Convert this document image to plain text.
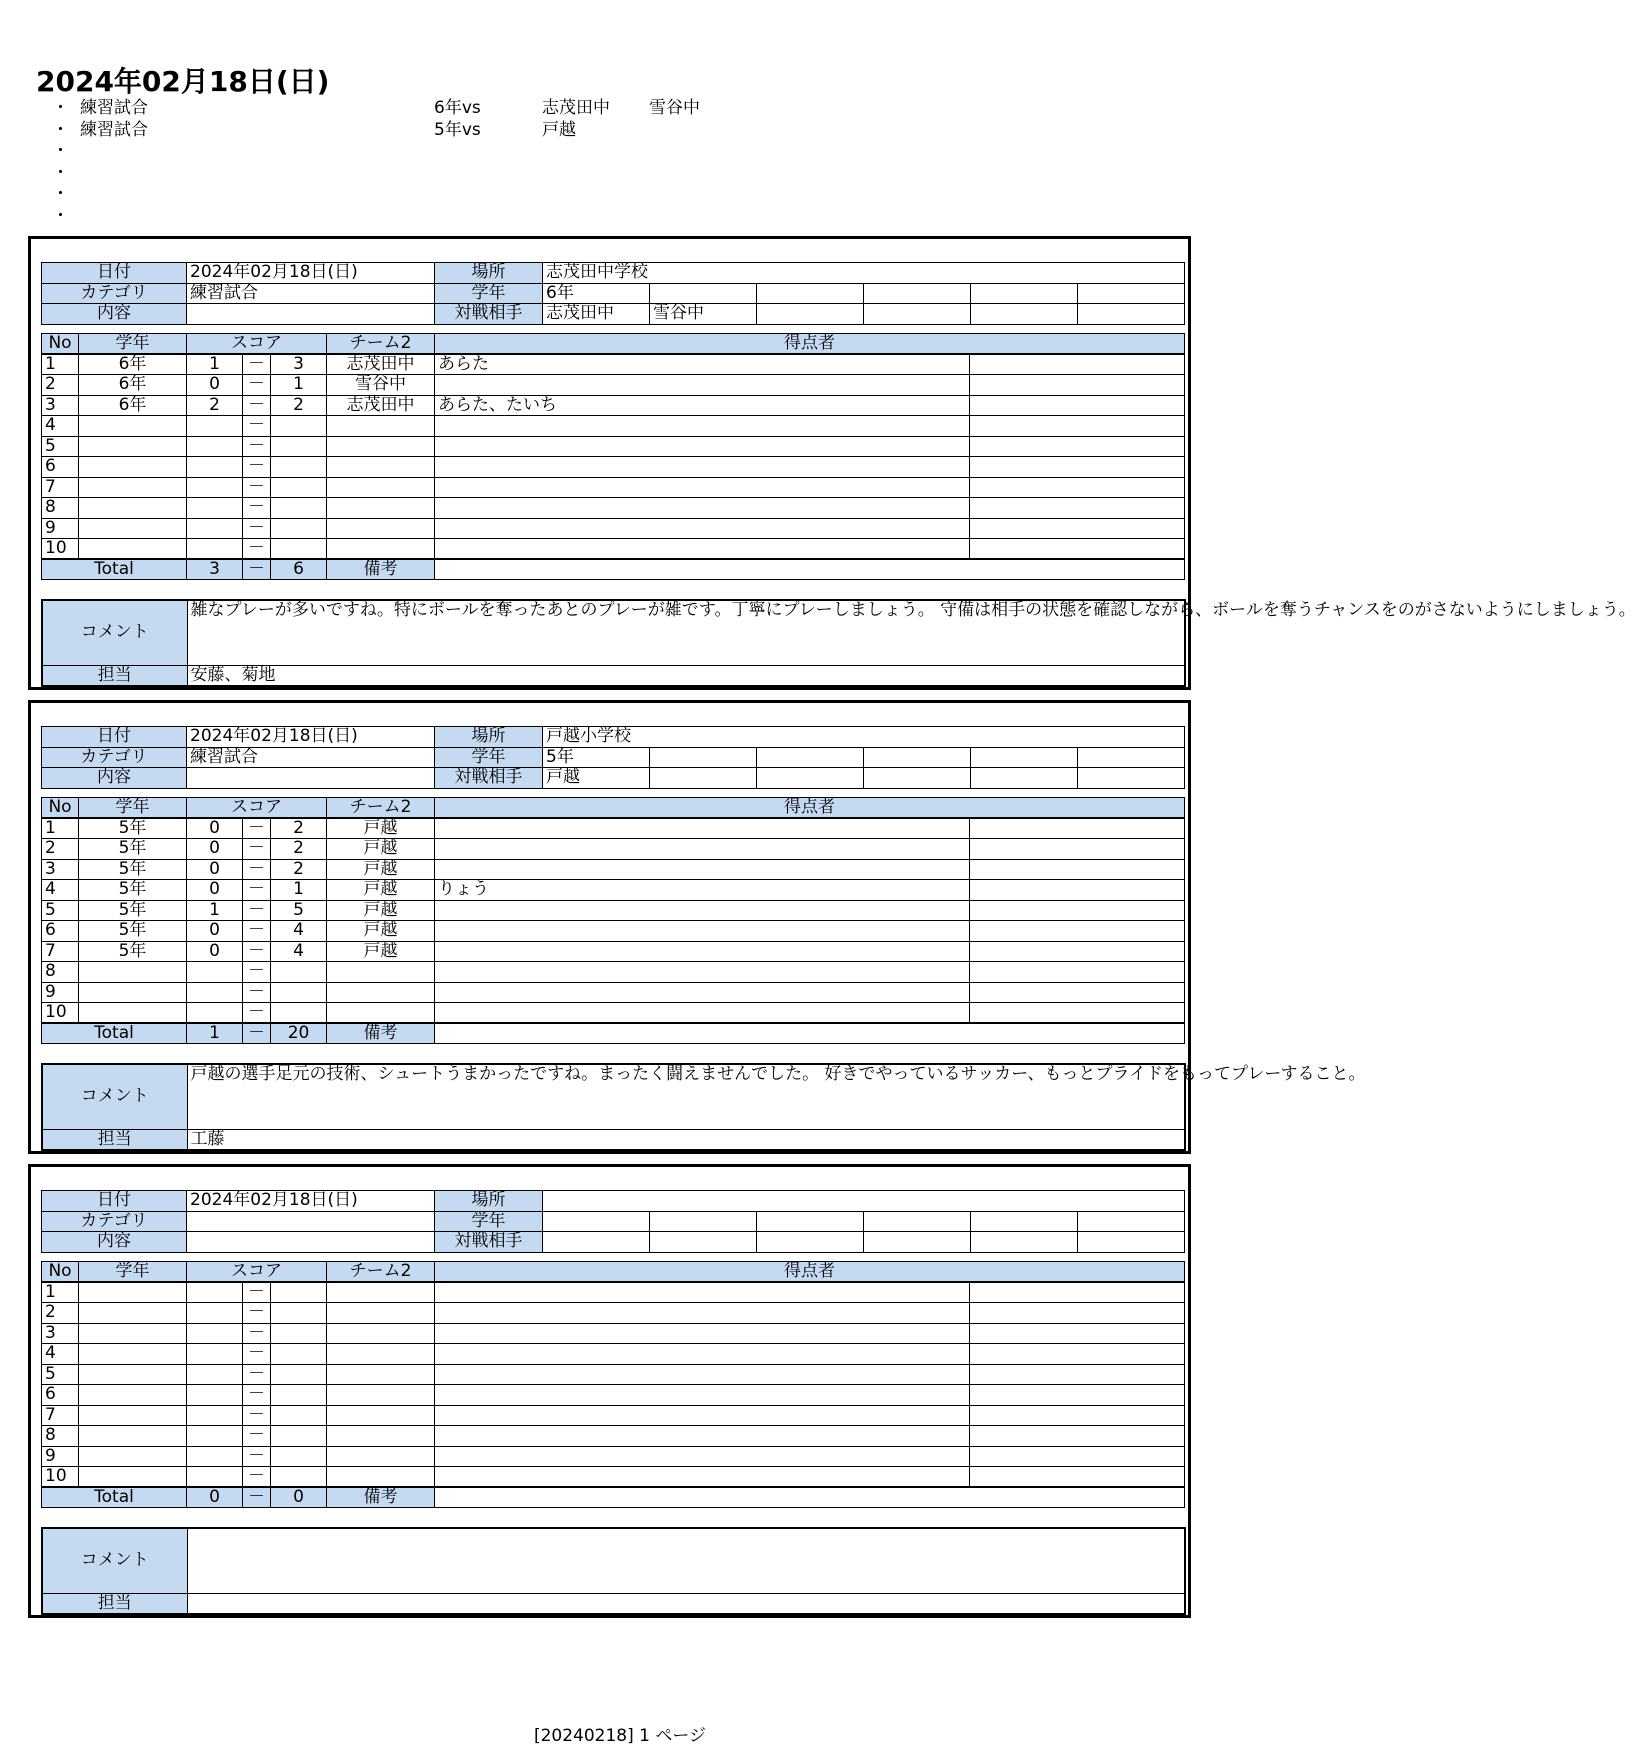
2024年02月18日(日)
・ 練習試合	6年vs	志茂田中 雪谷中
・ 練習試合	5年vs	戸越
・
・
・
・
日付	2024年02月18日(日)	場所	志茂田中学校
カテゴリ	練習試合	学年	6年					
内容		対戦相手	志茂田中	雪谷中				
No	学年	スコア	チーム2	得点者
1	6年	1	－	3	志茂田中	あらた	
2	6年	0	－	1	雪谷中		
3	6年	2	－	2	志茂田中	あらた、たいち	
4			－				
5			－				
6			－				
7			－				
8			－				
9			－				
10			－				
Total	3	－	6	備考	
コメント	雑なプレーが多いですね。特にボールを奪ったあとのプレーが雑です。丁寧にプレーしましょう。 守備は相手の状態を確認しながら、ボールを奪うチャンスをのがさないようにしましょう。
担当	安藤、菊地
日付	2024年02月18日(日)	場所	戸越小学校
カテゴリ	練習試合	学年	5年					
内容		対戦相手	戸越					
No	学年	スコア	チーム2	得点者
1	5年	0	－	2	戸越		
2	5年	0	－	2	戸越		
3	5年	0	－	2	戸越		
4	5年	0	－	1	戸越	りょう	
5	5年	1	－	5	戸越		
6	5年	0	－	4	戸越		
7	5年	0	－	4	戸越		
8			－				
9			－				
10			－				
Total	1	－	20	備考	
コメント	戸越の選手足元の技術、シュートうまかったですね。まったく闘えませんでした。 好きでやっているサッカー、もっとプライドをもってプレーすること。
担当	工藤
日付	2024年02月18日(日)	場所	
カテゴリ		学年						
内容		対戦相手						
No	学年	スコア	チーム2	得点者
1			－				
2			－				
3			－				
4			－				
5			－				
6			－				
7			－				
8			－				
9			－				
10			－				
Total	0	－	0	備考	
コメント	
担当	
[20240218] 1 ページ
